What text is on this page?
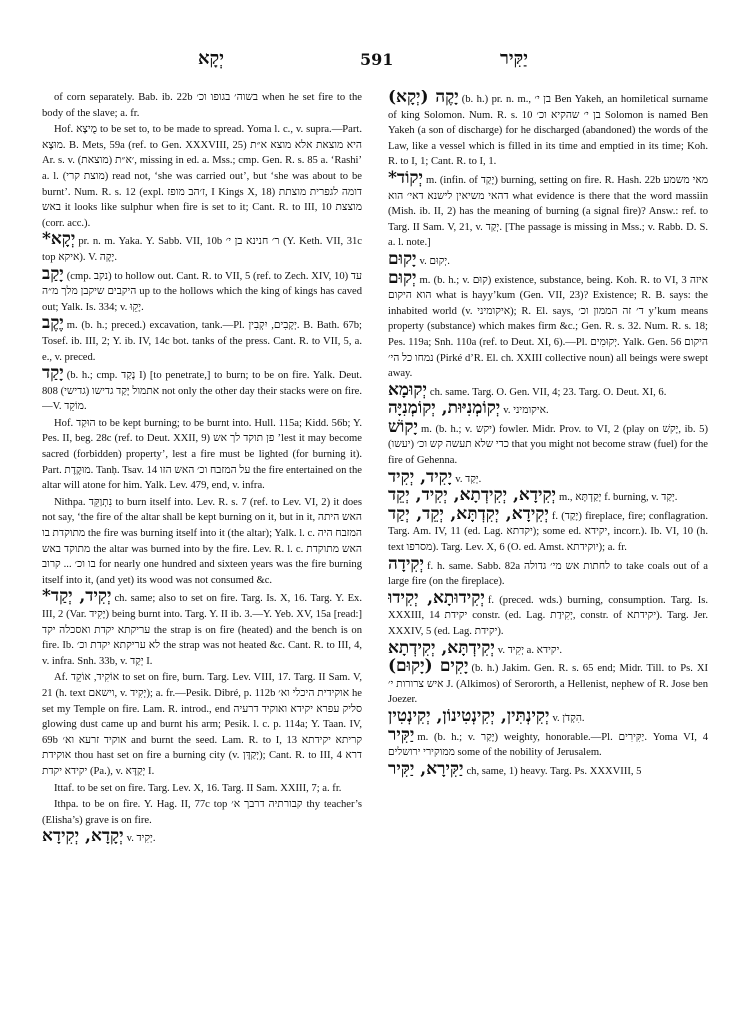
יְקָא	591	יַקִּיר

of corn separately. Bab. ib. 22b בשוה׳ בגופו וכ׳ when he set fire to the body of the slave; a. fr.

Hof. מֻיצָא to be set to, to be made to spread. Yoma l. c., v. supra.—Part. מוּצָא. B. Mets, 59a (ref. to Gen. XXXVIII, 25) היא מוצאת אלא מוצא א״ת Ar. s. v. ׳א״ת (מוצאת), missing in ed. a. Mss.; cmp. Gen. R. s. 85 a. ‘Rashi’ a. l. (מוצת קרי) read not, ‘she was carried out’, but ‘she was about to be burnt’. Num. R. s. 12 (expl. ז׳הב מופז, I Kings X, 18) דומה לגפרית מוצתת באש it looks like sulphur when fire is set to it; Cant. R. to III, 10 מוצצת (corr. acc.).

*יְקָא pr. n. m. Yaka. Y. Sabb. VII, 10b ר׳ חנינא בן י׳ (Y. Keth. VII, 31c top איקא). V. יָקָה.

יָקַב (cmp. נקב) to hollow out. Cant. R. to VII, 5 (ref. to Zech. XIV, 10) עד היקבים שיקבן מלך מ״ה up to the hollows which the king of kings has caved out; Yalk. Is. 334; v. יָקֵוּ.

יֶקֶב m. (b. h.; preced.) excavation, tank.—Pl. יְקָבִים, יִקְבִין. B. Bath. 67b; Tosef. ib. III, 2; Y. ib. IV, 14c bot. tanks of the press. Cant. R. to VII, 5, a. e., v. preced.

יָקַד (b. h.; cmp. נָקַד I) [to penetrate,] to burn; to be on fire. Yalk. Deut. 808 אתמול יָקַד גדישו (גדישי) not only the other day their stacks were on fire.—V. מוֹקֵד.

Hof. הוּקַד to be kept burning; to be burnt into. Hull. 115a; Kidd. 56b; Y. Pes. II, beg. 28c (ref. to Deut. XXII, 9) פן תוקד לך אש ’lest it may become sacred (forbidden) property’, lest a fire must be lighted (for burning it). Part. מוּקֶדֶת. Tanḥ. Tsav. 14 על המזבח וכ׳ האש הזו the fire entertained on the altar will atone for him. Yalk. Lev. 479, end, v. infra.

Nithpa. נִתְוַקֵּד to burn itself into. Lev. R. s. 7 (ref. to Lev. VI, 2) it does not say, ‘the fire of the altar shall be kept burning on it, but in it, האש היתה מתוקדת בו the fire was burning itself into it (the altar); Yalk. l. c. המזבח היה מתוקד באש the altar was burned into by the fire. Lev. R. l. c. האש מתוקדת בו וכ׳ ... קרוב for nearly one hundred and sixteen years was the fire burning itself into it, (and yet) its wood was not consumed &c.

*יְקִיד, יְקַד ch. same; also to set on fire. Targ. Is. X, 16. Targ. Y. Ex. III, 2 (Var. יָקִיד) being burnt into. Targ. Y. II ib. 3.—Y. Yeb. XV, 15a [read:] עריקתא יקדת ואסכלה יקד the strap is on fire (heated) and the bench is on fire. Ib. לא עריקתא יקדת וכ׳ the strap was not heated &c. Cant. R. to III, 4, v. infra. Snh. 33b, v. יְקַד I.

Af. אוֹקִיד, אוֹקֵד to set on fire, burn. Targ. Lev. VIII, 17. Targ. II Sam. V, 21 (h. text וישאם, v. יְקִיד); a. fr.—Pesik. Dibré, p. 112b אוקידית היכלי וא׳ he set my Temple on fire. Lam. R. introd., end סליק עפרא יקידא ואוקיד דרעיה glowing dust came up and burnt his arm; Pesik. l. c. p. 114a; Y. Taan. IV, 69b אוקיד זרעא וא׳ and burnt the seed. Lam. R. to I, 13 קריתא יקידתא אוקידת thou hast set on fire a burning city (v. יְקַדָּן); Cant. R. to III, 4 דרא יקידא יקדת (Pa.), v. יְקַדָּא I.

Ittaf. to be set on fire. Targ. Lev. X, 16. Targ. II Sam. XXIII, 7; a. fr.

Ithpa. to be on fire. Y. Hag. II, 77c top קבורתיה דרבך א׳ thy teacher’s (Elisha’s) grave is on fire.

יְקָדָא, יְקִידָא v. יְקִיד.

(יְקָא) יָקֶה (b. h.) pr. n. m., בן י׳ Ben Yakeh, an homiletical surname of king Solomon. Num. R. s. 10 בן י׳ שהקיא וכ׳ Solomon is named Ben Yakeh (a son of discharge) for he discharged (abandoned) the words of the Law, like a vessel which is filled in its time and emptied in its time; Koh. R. to I, 1; Cant. R. to I, 1.

*יְקוֹד m. (infin. of יָקַד) burning, setting on fire. R. Hash. 22b מאי משמע דהאי משיאין לישנא דאי׳ הוא what evidence is there that the word massiin (Mish. ib. II, 2) has the meaning of burning (a signal fire)? Answ.: ref. to Targ. II Sam. V, 21, v. יְקַד. [The passage is missing in Mss.; v. Rabb. D. S. a. l. note.]

יָקוּם v. יְקוּם.

יְקוּם m. (b. h.; v. קוּם) existence, substance, being. Koh. R. to VI, 3 איזה הוא היקום what is hayy’kum (Gen. VII, 23)? Existence; R. B. says: the inhabited world (v. איקומיני); R. El. says, ד׳ זה הממון וכ׳ y’kum means property (substance) which makes firm &c.; Gen. R. s. 32. Num. R. s. 18; Pes. 119a; Snh. 110a (ref. to Deut. XI, 6).—Pl. יְקוּמִים. Yalk. Gen. 56 היקום נמחו כל הי׳ (Pirké d’R. El. ch. XXIII collective noun) all beings were swept away.

יְקוּמָא ch. same. Targ. O. Gen. VII, 4; 23. Targ. O. Deut. XI, 6.

יְקוֹמְנִיּוּת, יְקוֹמְנִיָּה v. איקומיני.

יָקוֹשׁ m. (b. h.; v. יקש) fowler. Midr. Prov. to VI, 2 (play on יָקשׁ, ib. 5) כדי שלא תעשה קש וכ׳ (יעשו) that you might not become straw (fuel) for the fire of Gehenna.

יָקִיד, יְקִיד v. יְקַד.

יְקִידָא, יְקִידְתָא, יְקִיד, יְקֵד m., יְקַדְתָּא f. burning, v. יְקַד.

יְקִידָא, יְקִדְתָּא, יְקֵד, יְקַד f. (יָקַד) fireplace, fire; conflagration. Targ. Am. IV, 11 (ed. Lag. יקדתא); some ed. יקידא, incorr.). Ib. VI, 10 (h. text מסרפו). Targ. Lev. X, 6 (O. ed. Amst. יוקידתא); a. fr.

יְקִידָה f. h. same. Sabb. 82a לחתות אש מי׳ גדולה to take coals out of a large fire (on the fireplace).

יְקִידוּתָא, יְקִידוּ f. (preced. wds.) burning, consumption. Targ. Is. XXXIII, 14 יקידת constr. (ed. Lag. יְקִידַת, constr. of יקידתא). Targ. Jer. XXXIV, 5 (ed. Lag. יקידת).

יְקִידְתָּא, יְקִידְתָא v. יְקִיד a. יקידא.

(יָקוּם) יָקִים (b. h.) Jakim. Gen. R. s. 65 end; Midr. Till. to Ps. XI איש צרורות י׳ J. (Alkimos) of Serororth, a Hellenist, nephew of R. Jose ben Joezer.

יְקִינְתִּין, יְקִינְטִינוֹן, יְקִינְטִין v. הִקְדֹן.

יַקִּיר m. (b. h.; v. יָקַר) weighty, honorable.—Pl. יַקִּירִים. Yoma VI, 4 ממוקירי ירושלים some of the nobility of Jerusalem.

יַקִּירָא, יַקִּיר ch, same, 1) heavy. Targ. Ps. XXXVIII, 5
